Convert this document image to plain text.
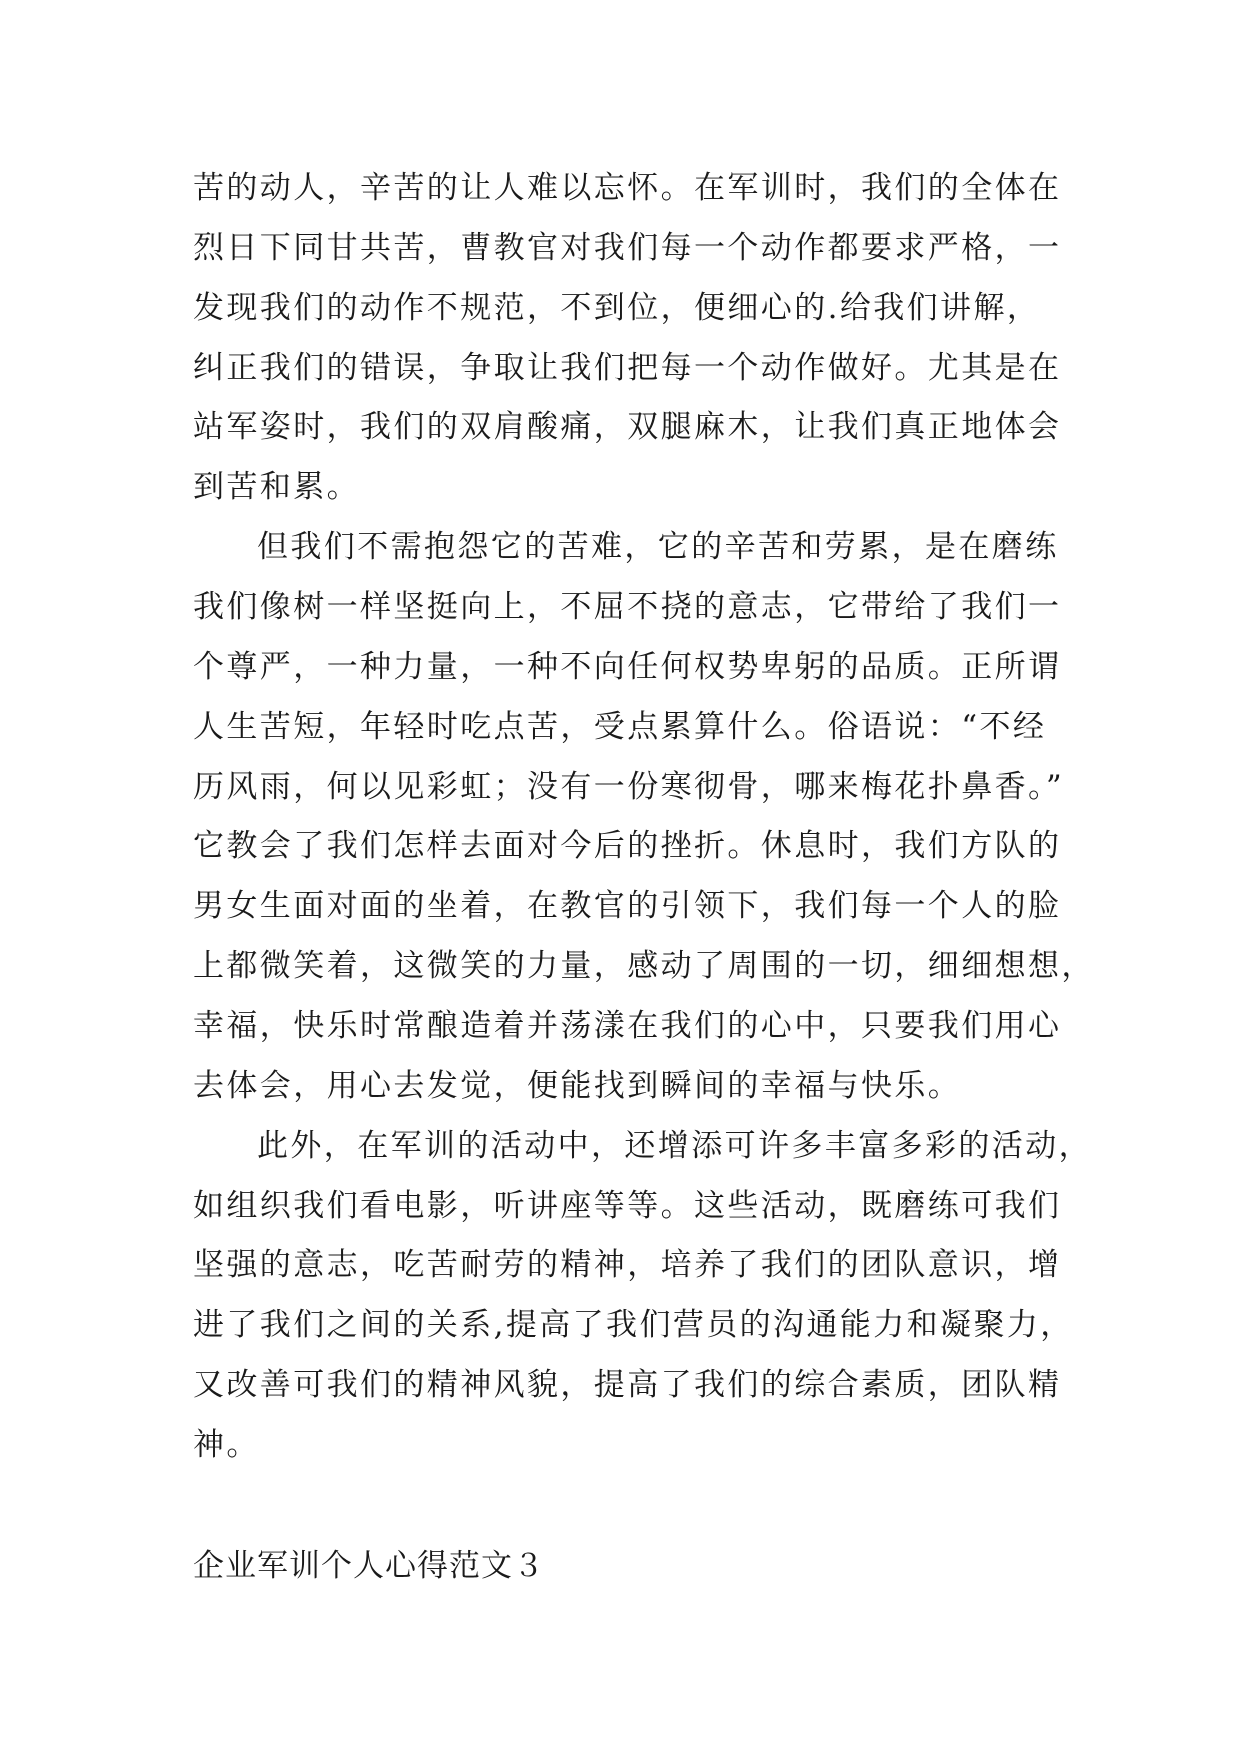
苦的动人，辛苦的让人难以忘怀。在军训时，我们的全体在
烈日下同甘共苦，曹教官对我们每一个动作都要求严格，一
发现我们的动作不规范，不到位，便细心的.给我们讲解，
纠正我们的错误，争取让我们把每一个动作做好。尤其是在
站军姿时，我们的双肩酸痛，双腿麻木，让我们真正地体会
到苦和累。
但我们不需抱怨它的苦难，它的辛苦和劳累，是在磨练
我们像树一样坚挺向上，不屈不挠的意志，它带给了我们一
个尊严，一种力量，一种不向任何权势卑躬的品质。正所谓
人生苦短，年轻时吃点苦，受点累算什么。俗语说：“不经
历风雨，何以见彩虹；没有一份寒彻骨，哪来梅花扑鼻香。”
它教会了我们怎样去面对今后的挫折。休息时，我们方队的
男女生面对面的坐着，在教官的引领下，我们每一个人的脸
上都微笑着，这微笑的力量，感动了周围的一切，细细想想，
幸福，快乐时常酿造着并荡漾在我们的心中，只要我们用心
去体会，用心去发觉，便能找到瞬间的幸福与快乐。
此外，在军训的活动中，还增添可许多丰富多彩的活动，
如组织我们看电影，听讲座等等。这些活动，既磨练可我们
坚强的意志，吃苦耐劳的精神，培养了我们的团队意识，增
进了我们之间的关系,提高了我们营员的沟通能力和凝聚力，
又改善可我们的精神风貌，提高了我们的综合素质，团队精
神。
企业军训个人心得范文３
